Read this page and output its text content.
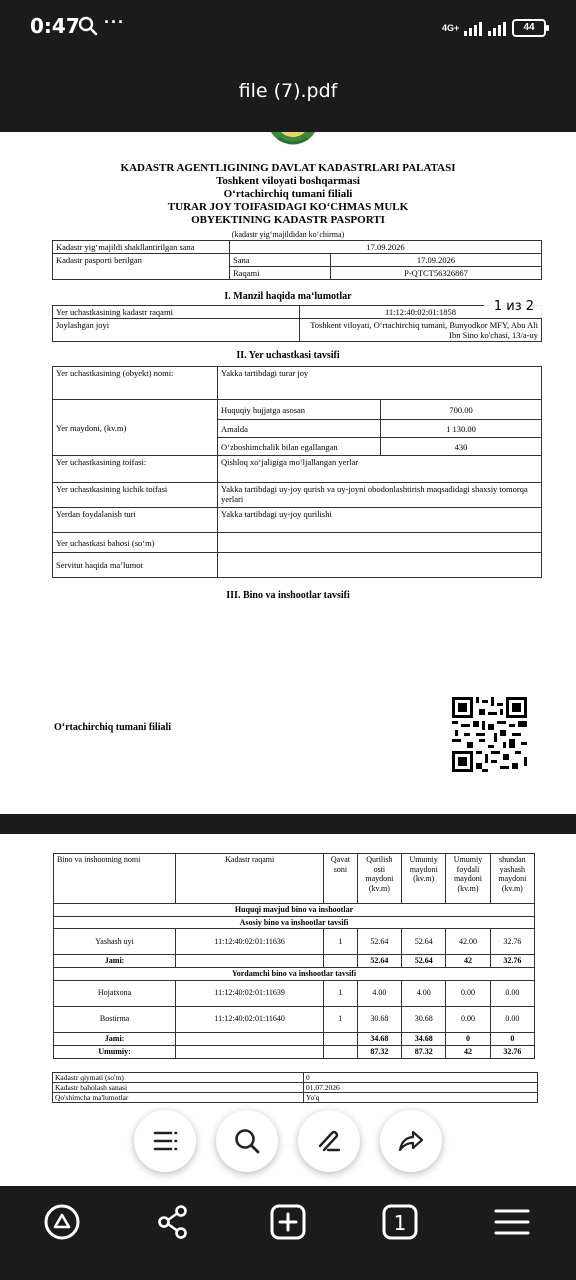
0:47 ···	4G+	44
file (7).pdf
KADASTR AGENTLIGINING DAVLAT KADASTRLARI PALATASI
Toshkent viloyati boshqarmasi
O‘rtachirchiq tumani filiali
TURAR JOY TOIFASIDAGI KO‘CHMAS MULK
OBYEKTINING KADASTR PASPORTI
(kadastr yig‘majildidan ko‘chirma)
Kadastr yig‘majildi shakllantirilgan sana	17.09.2026	
Kadastr pasporti berilgan	Sana	17.09.2026
	Raqami	P-QTCT56326867
I. Manzil haqida ma‘lumotlar
Yer uchastkasining kadastr raqami	11:12:40:02:01:1858
Joylashgan joyi	Toshkent viloyati, O‘rtachirchiq tumani, Bunyodkor MFY, Abu Ali Ibn Sino ko'chasi, 13/a-uy
II. Yer uchastkasi tavsifi
Yer uchastkasining (obyekt) nomi:	Yakka tartibdagi turar joy	
Yer maydoni, (kv.m)	Huquqiy hujjatga asosan	700.00
	Amalda	1 130.00
	O‘zboshimchalik bilan egallangan	430
Yer uchastkasining toifasi:	Qishloq xo‘jaligiga mo‘ljallangan yerlar	
Yer uchastkasining kichik toifasi	Yakka tartibdagi uy-joy qurish va uy-joyni obodonlashtirish maqsadidagi shaxsiy tomorqa yerlari	
Yerdan foydalanish turi	Yakka tartibdagi uy-joy qurilishi	
Yer uchastkasi bahosi (so‘m)		
Servitut haqida ma’lumot		
III. Bino va inshootlar tavsifi
O‘rtachirchiq tumani filiali
1 из 2
Bino va inshootning nomi	Kadastr raqami	Qavat soni	Qurilish osti maydoni (kv.m)	Umumiy maydoni (kv.m)	Umumiy foydali maydoni (kv.m)	shundan yashash maydoni (kv.m)
Huquqi mavjud bino va inshootlar						
Asosiy bino va inshootlar tavsifi						
Yashash uyi	11:12:40:02:01:11636	1	52.64	52.64	42.00	32.76
Jami:			52.64	52.64	42	32.76
Yordamchi bino va inshootlar tavsifi						
Hojatxona	11:12:40:02:01:11639	1	4.00	4.00	0.00	0.00
Bostirma	11:12:40:02:01:11640	1	30.68	30.68	0.00	0.00
Jami:			34.68	34.68	0	0
Umumiy:			87.32	87.32	42	32.76
Kadastr qiymati (so'm)	0
Kadastr baholash sanasi	01.07.2026
Qo'shimcha ma'lumotlar	Yo'q
1
